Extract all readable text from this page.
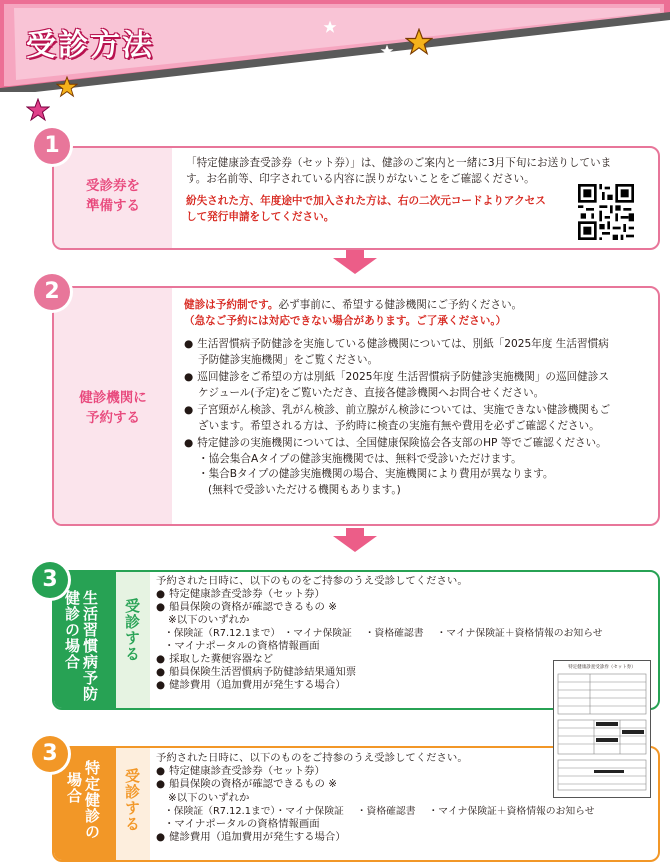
受診方法
受診券を
準備する
1
「特定健康診査受診券（セット券）」は、健診のご案内と一緒に3月下旬にお送りしていま
す。お名前等、印字されている内容に誤りがないことをご確認ください。
紛失された方、年度途中で加入された方は、右の二次元コードよりアクセス
して発行申請をしてください。
健診機関に
予約する
2
健診は予約制です。必ず事前に、希望する健診機関にご予約ください。
（急なご予約には対応できない場合があります。ご了承ください。）
● 生活習慣病予防健診を実施している健診機関については、別紙「2025年度 生活習慣病
予防健診実施機関」をご覧ください。
● 巡回健診をご希望の方は別紙「2025年度 生活習慣病予防健診実施機関」の巡回健診ス
ケジュール(予定)をご覧いただき、直接各健診機関へお問合せください。
● 子宮頸がん検診、乳がん検診、前立腺がん検診については、実施できない健診機関もご
ざいます。希望される方は、予約時に検査の実施有無や費用を必ずご確認ください。
● 特定健診の実施機関については、全国健康保険協会各支部のHP 等でご確認ください。
・協会集合Aタイプの健診実施機関では、無料で受診いただけます。
・集合Bタイプの健診実施機関の場合、実施機関により費用が異なります。
(無料で受診いただける機関もあります。)
生活習慣病予防
健診の場合	受診する
3	予約された日時に、以下のものをご持参のうえ受診してください。
● 特定健康診査受診券（セット券）
● 船員保険の資格が確認できるもの ※
※以下のいずれか
・保険証（R7.12.1まで） ・マイナ保険証 　・資格確認書 　・マイナ保険証＋資格情報のお知らせ
・マイナポータルの資格情報画面
● 採取した糞便容器など
● 船員保険生活習慣病予防健診結果通知票
● 健診費用（追加費用が発生する場合）
特定健診の
場合	受診する
3	予約された日時に、以下のものをご持参のうえ受診してください。
● 特定健康診査受診券（セット券）
● 船員保険の資格が確認できるもの ※
※以下のいずれか
・保険証（R7.12.1まで）・マイナ保険証 　・資格確認書 　・マイナ保険証＋資格情報のお知らせ
・マイナポータルの資格情報画面
● 健診費用（追加費用が発生する場合）
特定健康診査受診券（セット券）
